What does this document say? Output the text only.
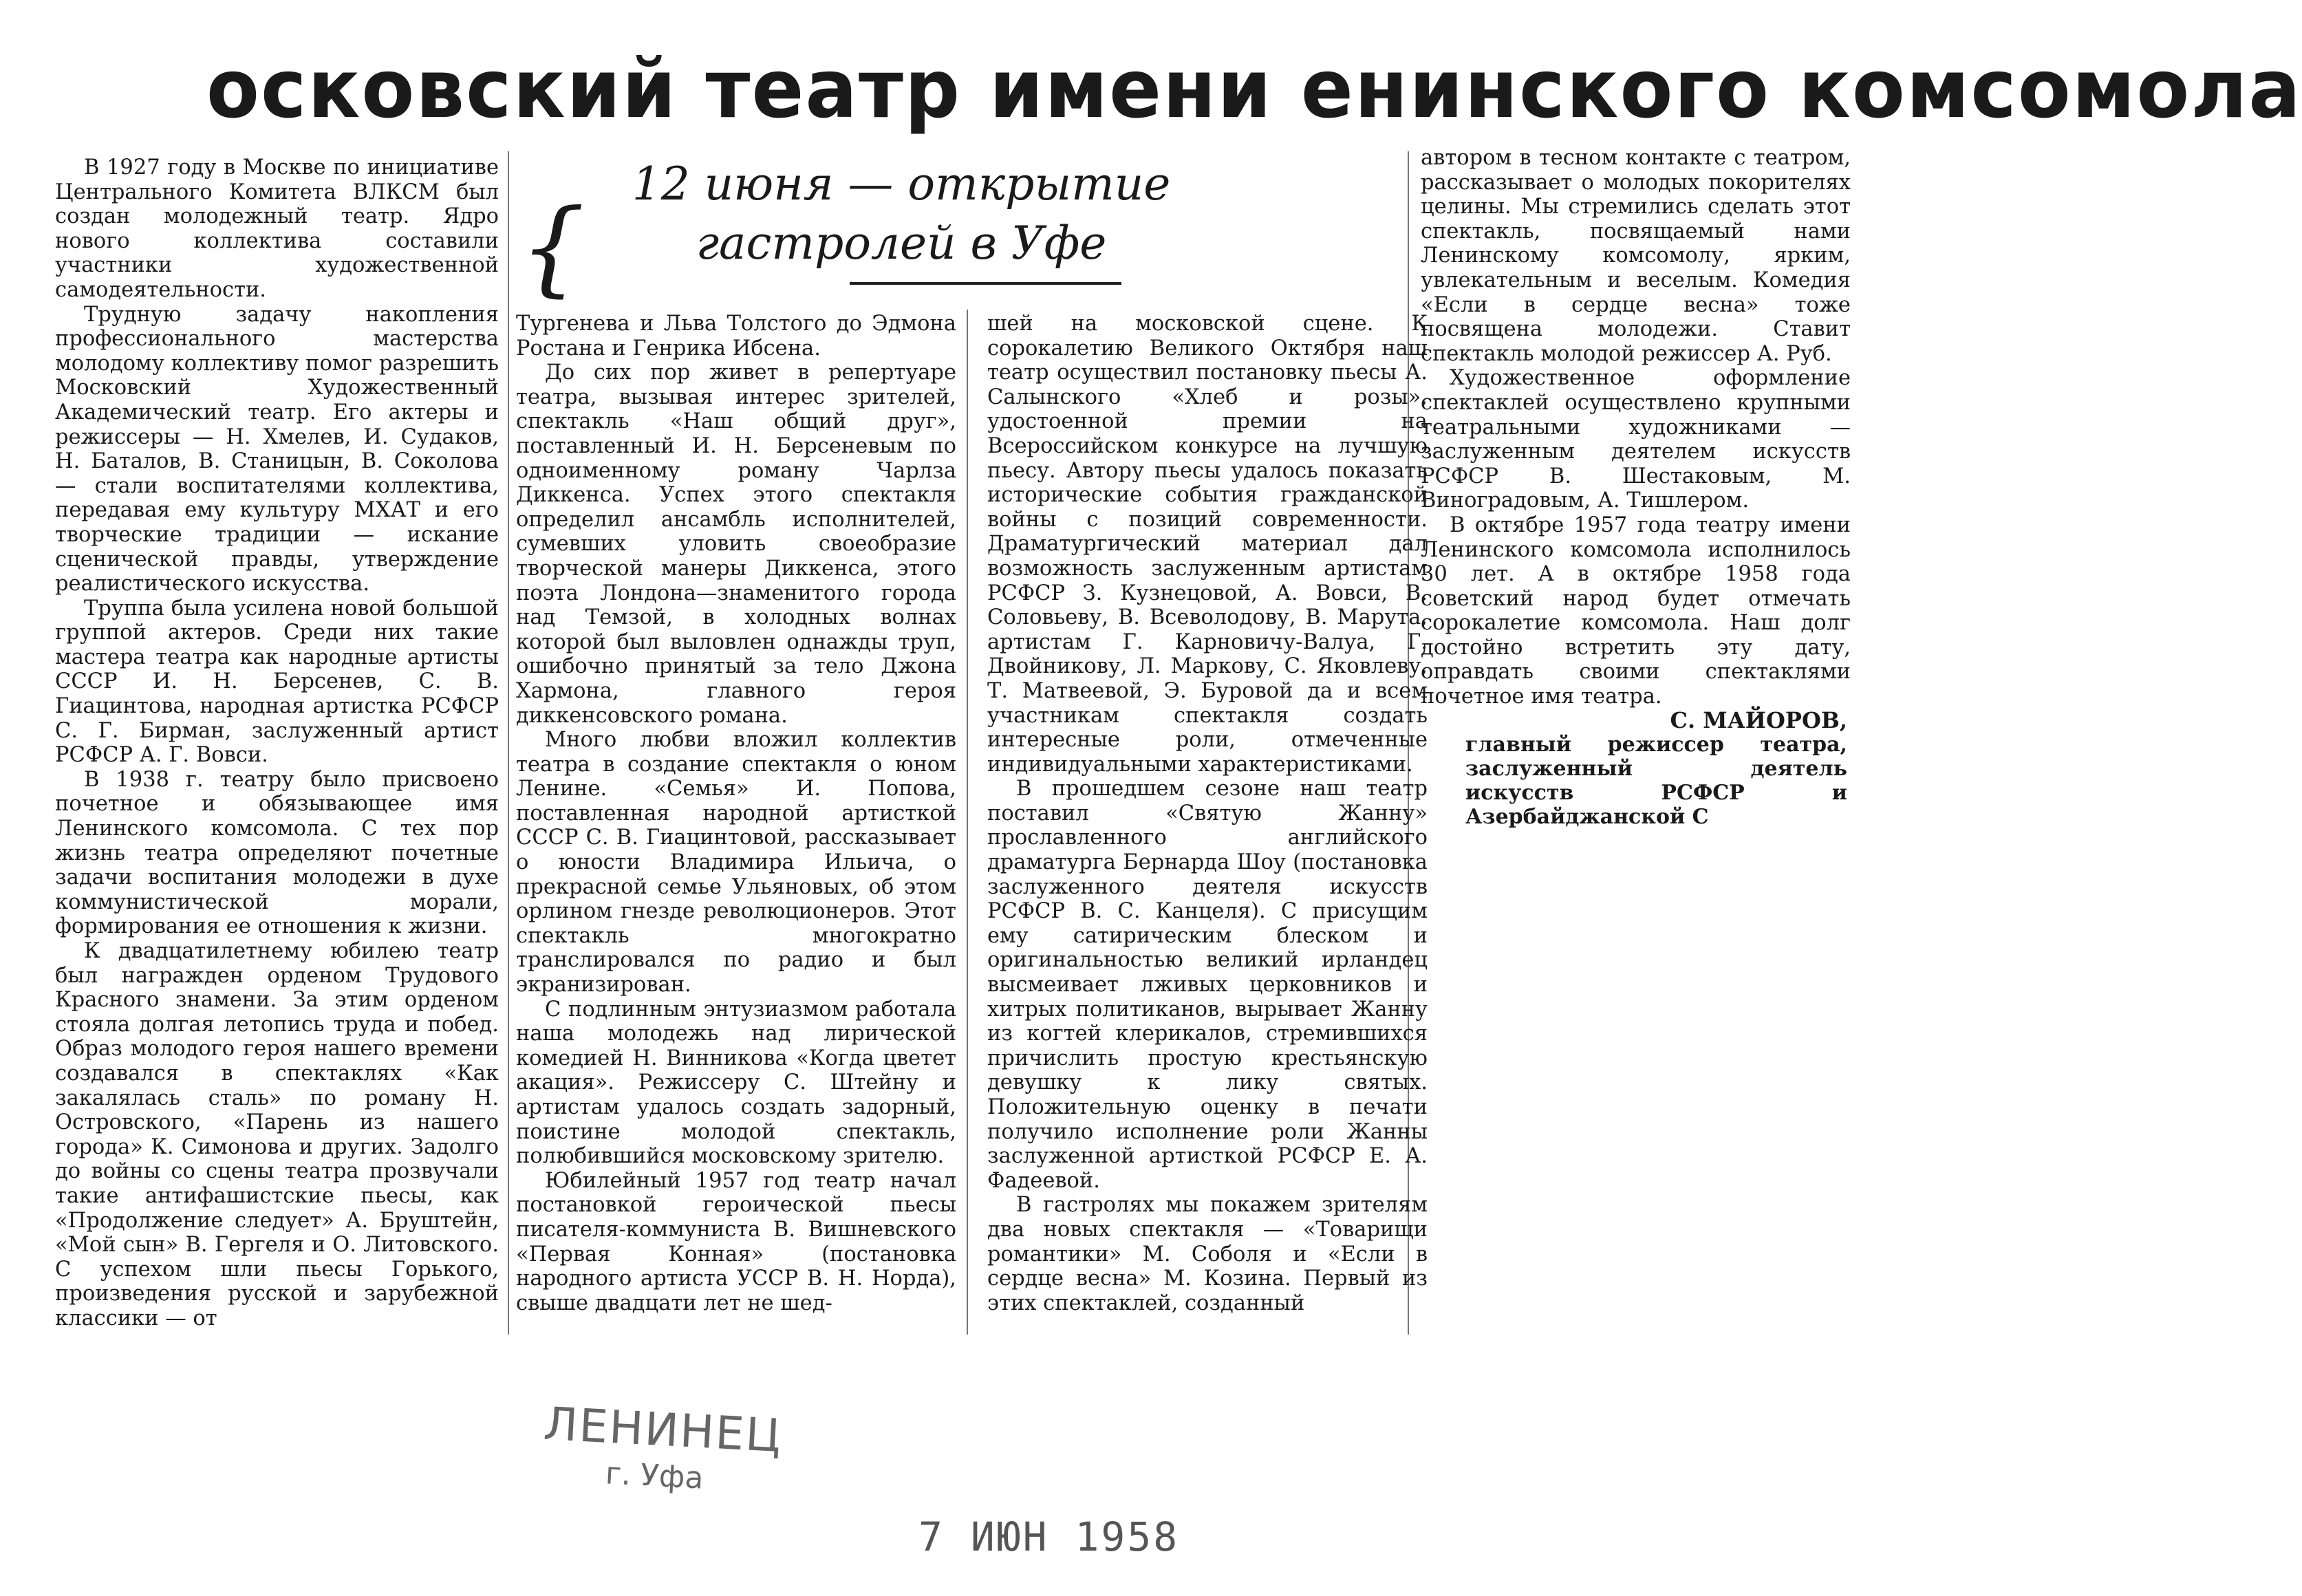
осковский театр имени енинского комсомола
{
12 июня — открытие
гастролей в Уфе

В 1927 году в Москве по инициативе Центрального Комитета ВЛКСМ был создан молодежный театр. Ядро нового коллектива составили участники художественной самодеятельности.

Трудную задачу накопления профессионального мастерства молодому коллективу помог разрешить Московский Художественный Академический театр. Его актеры и режиссеры — Н. Хмелев, И. Судаков, Н. Баталов, В. Станицын, В. Соколова — стали воспитателями коллектива, передавая ему культуру МХАТ и его творческие традиции — искание сценической правды, утверждение реалистического искусства.

Труппа была усилена новой большой группой актеров. Среди них такие мастера театра как народные артисты СССР И. Н. Берсенев, С. В. Гиацинтова, народная артистка РСФСР С. Г. Бирман, заслуженный артист РСФСР А. Г. Вовси.

В 1938 г. театру было присвоено почетное и обязывающее имя Ленинского комсомола. С тех пор жизнь театра определяют почетные задачи воспитания молодежи в духе коммунистической морали, формирования ее отношения к жизни.

К двадцатилетнему юбилею театр был награжден орденом Трудового Красного знамени. За этим орденом стояла долгая летопись труда и побед. Образ молодого героя нашего времени создавался в спектаклях «Как закалялась сталь» по роману Н. Островского, «Парень из нашего города» К. Симонова и других. Задолго до войны со сцены театра прозвучали такие антифашистские пьесы, как «Продолжение следует» А. Бруштейн, «Мой сын» В. Гергеля и О. Литовского. С успехом шли пьесы Горького, произведения русской и зарубежной классики — от

Тургенева и Льва Толстого до Эдмона Ростана и Генрика Ибсена.

До сих пор живет в репертуаре театра, вызывая интерес зрителей, спектакль «Наш общий друг», поставленный И. Н. Берсеневым по одноименному роману Чарлза Диккенса. Успех этого спектакля определил ансамбль исполнителей, сумевших уловить своеобразие творческой манеры Диккенса, этого поэта Лондона—знаменитого города над Темзой, в холодных волнах которой был выловлен однажды труп, ошибочно принятый за тело Джона Хармона, главного героя диккенсовского романа.

Много любви вложил коллектив театра в создание спектакля о юном Ленине. «Семья» И. Попова, поставленная народной артисткой СССР С. В. Гиацинтовой, рассказывает о юности Владимира Ильича, о прекрасной семье Ульяновых, об этом орлином гнезде революционеров. Этот спектакль многократно транслировался по радио и был экранизирован.

С подлинным энтузиазмом работала наша молодежь над лирической комедией Н. Винникова «Когда цветет акация». Режиссеру С. Штейну и артистам удалось создать задорный, поистине молодой спектакль, полюбившийся московскому зрителю.

Юбилейный 1957 год театр начал постановкой героической пьесы писателя-коммуниста В. Вишневского «Первая Конная» (постановка народного артиста УССР В. Н. Норда), свыше двадцати лет не шед-

шей на московской сцене. К сорокалетию Великого Октября наш театр осуществил постановку пьесы А. Салынского «Хлеб и розы», удостоенной премии на Всероссийском конкурсе на лучшую пьесу. Автору пьесы удалось показать исторические события гражданской войны с позиций современности. Драматургический материал дал возможность заслуженным артистам РСФСР З. Кузнецовой, А. Вовси, В. Соловьеву, В. Всеволодову, В. Марута, артистам Г. Карновичу-Валуа, Г. Двойникову, Л. Маркову, С. Яковлеву, Т. Матвеевой, Э. Буровой да и всем участникам спектакля создать интересные роли, отмеченные индивидуальными характеристиками.

В прошедшем сезоне наш театр поставил «Святую Жанну» прославленного английского драматурга Бернарда Шоу (постановка заслуженного деятеля искусств РСФСР В. С. Канцеля). С присущим ему сатирическим блеском и оригинальностью великий ирландец высмеивает лживых церковников и хитрых политиканов, вырывает Жанну из когтей клерикалов, стремившихся причислить простую крестьянскую девушку к лику святых. Положительную оценку в печати получило исполнение роли Жанны заслуженной артисткой РСФСР Е. А. Фадеевой.

В гастролях мы покажем зрителям два новых спектакля — «Товарищи романтики» М. Соболя и «Если в сердце весна» М. Козина. Первый из этих спектаклей, созданный

автором в тесном контакте с театром, рассказывает о молодых покорителях целины. Мы стремились сделать этот спектакль, посвящаемый нами Ленинскому комсомолу, ярким, увлекательным и веселым. Комедия «Если в сердце весна» тоже посвящена молодежи. Ставит спектакль молодой режиссер А. Руб.

Художественное оформление спектаклей осуществлено крупными театральными художниками — заслуженным деятелем искусств РСФСР В. Шестаковым, М. Виноградовым, А. Тишлером.

В октябре 1957 года театру имени Ленинского комсомола исполнилось 30 лет. А в октябре 1958 года советский народ будет отмечать сорокалетие комсомола. Наш долг достойно встретить эту дату, оправдать своими спектаклями почетное имя театра.

С. МАЙОРОВ,
главный режиссер театра, заслуженный деятель искусств РСФСР и Азербайджанской С
ЛЕНИНЕЦ
г. Уфа
7 ИЮН 1958
